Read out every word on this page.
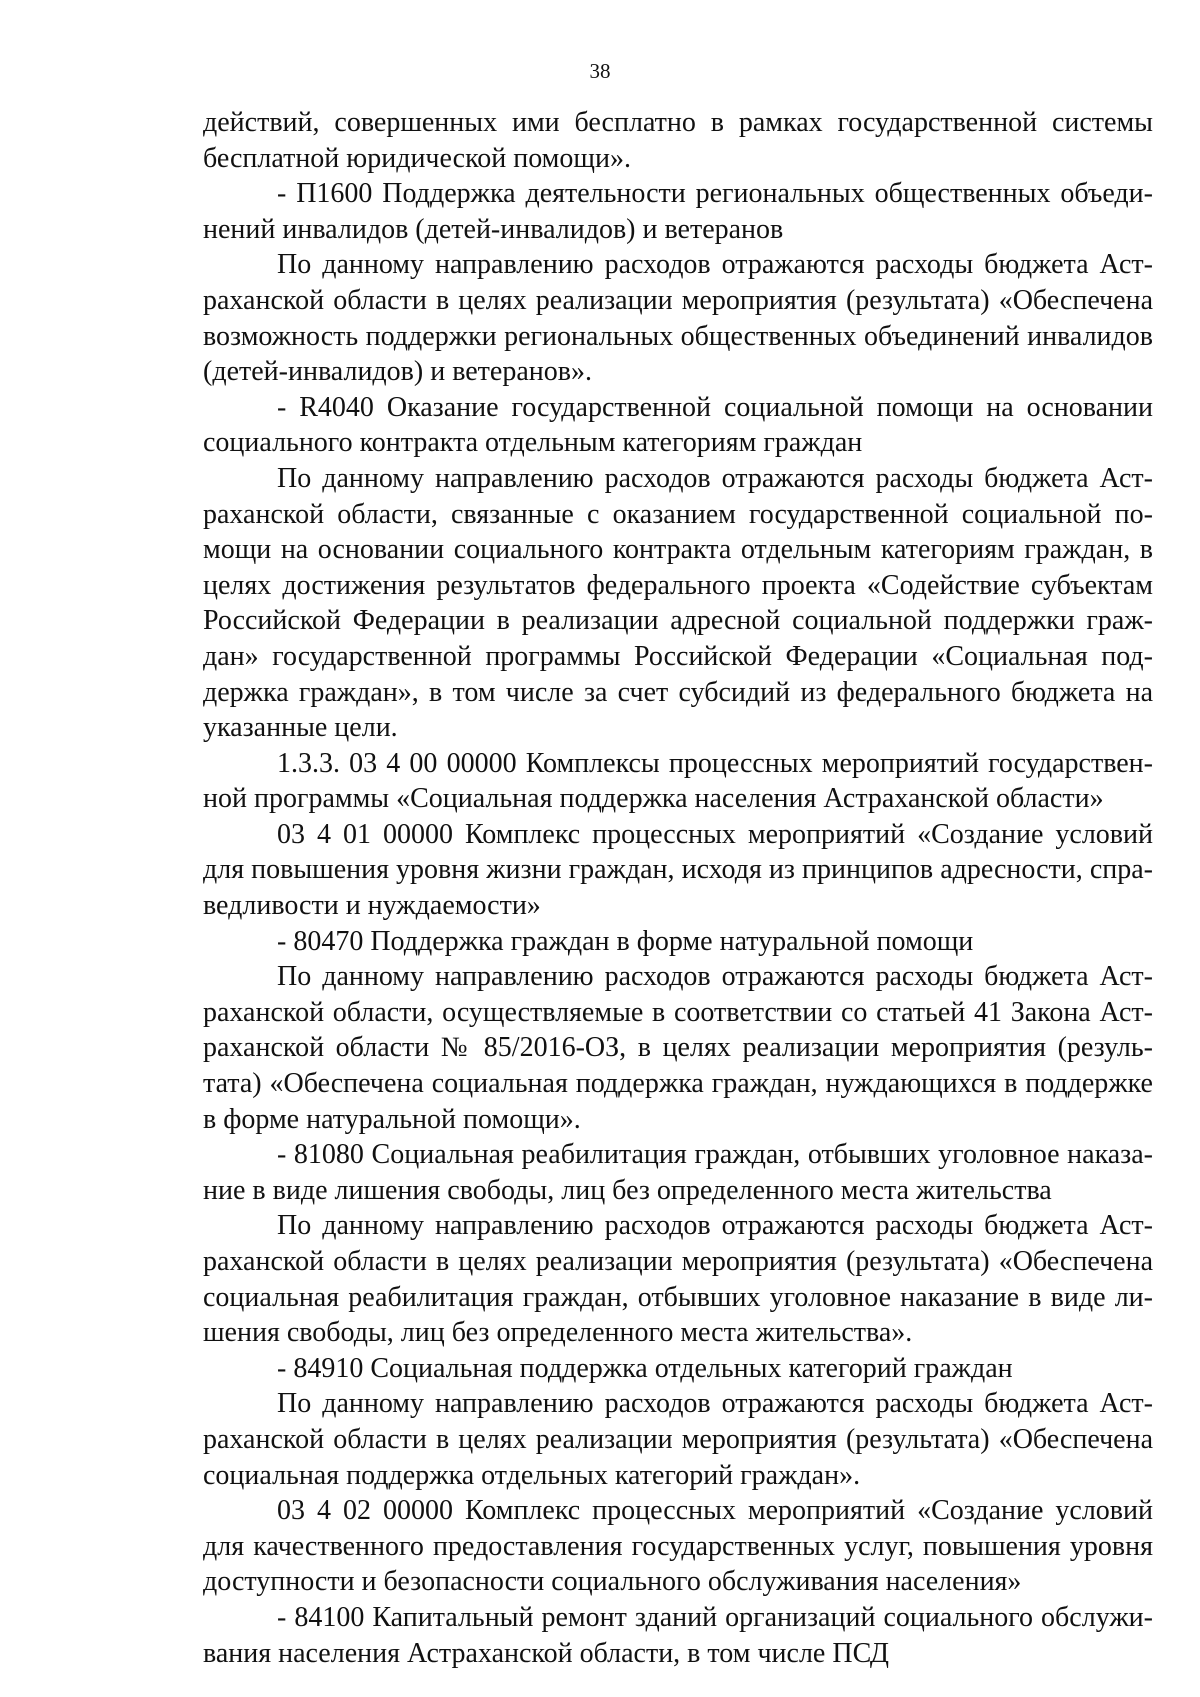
38

действий, совершенных ими бесплатно в рамках государственной системы бесплатной юридической помощи».

- П1600 Поддержка деятельности региональных общественных объединений инвалидов (детей-инвалидов) и ветеранов

По данному направлению расходов отражаются расходы бюджета Астраханской области в целях реализации мероприятия (результата) «Обеспечена возможность поддержки региональных общественных объединений инвалидов (детей-инвалидов) и ветеранов».

- R4040 Оказание государственной социальной помощи на основании социального контракта отдельным категориям граждан

По данному направлению расходов отражаются расходы бюджета Астраханской области, связанные с оказанием государственной социальной помощи на основании социального контракта отдельным категориям граждан, в целях достижения результатов федерального проекта «Содействие субъектам Российской Федерации в реализации адресной социальной поддержки граждан» государственной программы Российской Федерации «Социальная поддержка граждан», в том числе за счет субсидий из федерального бюджета на указанные цели.

1.3.3. 03 4 00 00000 Комплексы процессных мероприятий государственной программы «Социальная поддержка населения Астраханской области»

03 4 01 00000 Комплекс процессных мероприятий «Создание условий для повышения уровня жизни граждан, исходя из принципов адресности, справедливости и нуждаемости»

- 80470 Поддержка граждан в форме натуральной помощи

По данному направлению расходов отражаются расходы бюджета Астраханской области, осуществляемые в соответствии со статьей 41 Закона Астраханской области № 85/2016-ОЗ, в целях реализации мероприятия (результата) «Обеспечена социальная поддержка граждан, нуждающихся в поддержке в форме натуральной помощи».

- 81080 Социальная реабилитация граждан, отбывших уголовное наказание в виде лишения свободы, лиц без определенного места жительства

По данному направлению расходов отражаются расходы бюджета Астраханской области в целях реализации мероприятия (результата) «Обеспечена социальная реабилитация граждан, отбывших уголовное наказание в виде лишения свободы, лиц без определенного места жительства».

- 84910 Социальная поддержка отдельных категорий граждан

По данному направлению расходов отражаются расходы бюджета Астраханской области в целях реализации мероприятия (результата) «Обеспечена социальная поддержка отдельных категорий граждан».

03 4 02 00000 Комплекс процессных мероприятий «Создание условий для качественного предоставления государственных услуг, повышения уровня доступности и безопасности социального обслуживания населения»

- 84100 Капитальный ремонт зданий организаций социального обслуживания населения Астраханской области, в том числе ПСД
